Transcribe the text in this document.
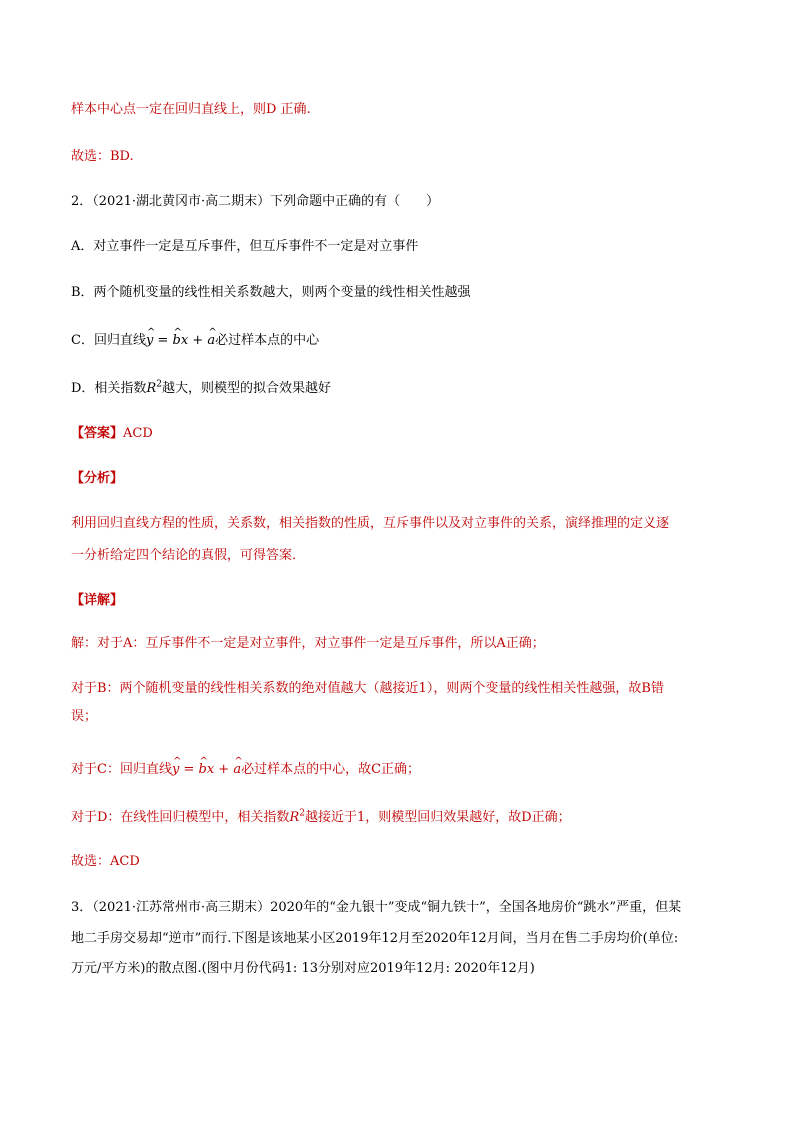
样本中心点一定在回归直线上，则D 正确.
故选：BD.
2．（2021·湖北黄冈市·高二期末）下列命题中正确的有（　　）
A．对立事件一定是互斥事件，但互斥事件不一定是对立事件
B．两个随机变量的线性相关系数越大，则两个变量的线性相关性越强
C．回归直线^ y = ^ bx + ^ a必过样本点的中心
D．相关指数$R^2$越大，则模型的拟合效果越好
【答案】ACD
【分析】
利用回归直线方程的性质，关系数，相关指数的性质，互斥事件以及对立事件的关系，演绎推理的定义逐
一分析给定四个结论的真假，可得答案．
【详解】
解：对于A：互斥事件不一定是对立事件，对立事件一定是互斥事件，所以A正确；
对于B：两个随机变量的线性相关系数的绝对值越大（越接近1），则两个变量的线性相关性越强，故B错
误；
对于C：回归直线^ y = ^ bx + ^ a必过样本点的中心，故C正确；
对于D：在线性回归模型中，相关指数$R^2$越接近于1，则模型回归效果越好，故D正确；
故选：ACD
3．（2021·江苏常州市·高三期末）2020年的“金九银十”变成“铜九铁十”，全国各地房价“跳水”严重，但某
地二手房交易却“逆市”而行.下图是该地某小区2019年12月至2020年12月间，当月在售二手房均价(单位:
万元/平方米)的散点图.(图中月份代码1: 13分别对应2019年12月: 2020年12月)
